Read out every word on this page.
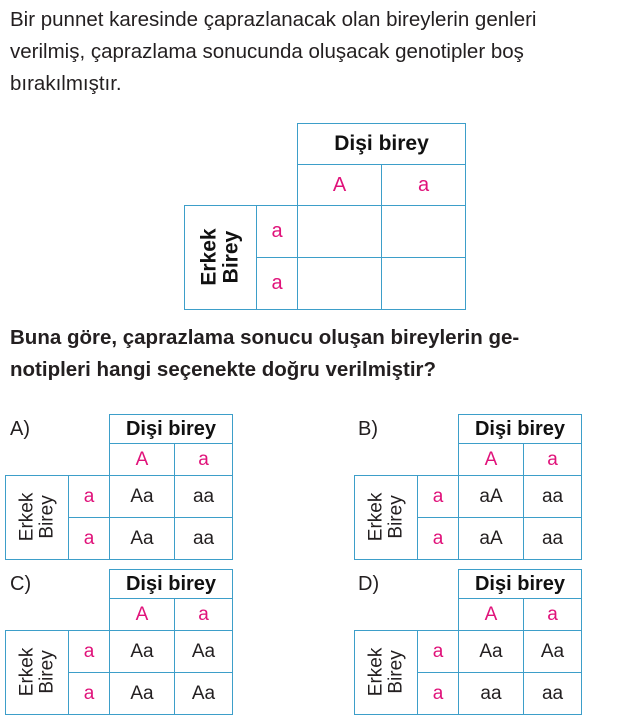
Bir punnet karesinde çaprazlanacak olan bireylerin genleri
verilmiş, çaprazlama sonucunda oluşacak genotipler boş
bırakılmıştır.

		Dişi birey	
		A	a

Erkek Birey	a		
	a		

Buna göre, çaprazlama sonucu oluşan bireylerin ge-
notipleri hangi seçenekte doğru verilmiştir?

A)
		Dişi birey	
		A	a

Erkek
Birey	a	Aa	aa
	a	Aa	aa
B)
		Dişi birey	
		A	a

Erkek
Birey	a	aA	aa
	a	aA	aa
C)
		Dişi birey	
		A	a

Erkek
Birey	a	Aa	Aa
	a	Aa	Aa
D)
		Dişi birey	
		A	a

Erkek
Birey	a	Aa	Aa
	a	aa	aa
